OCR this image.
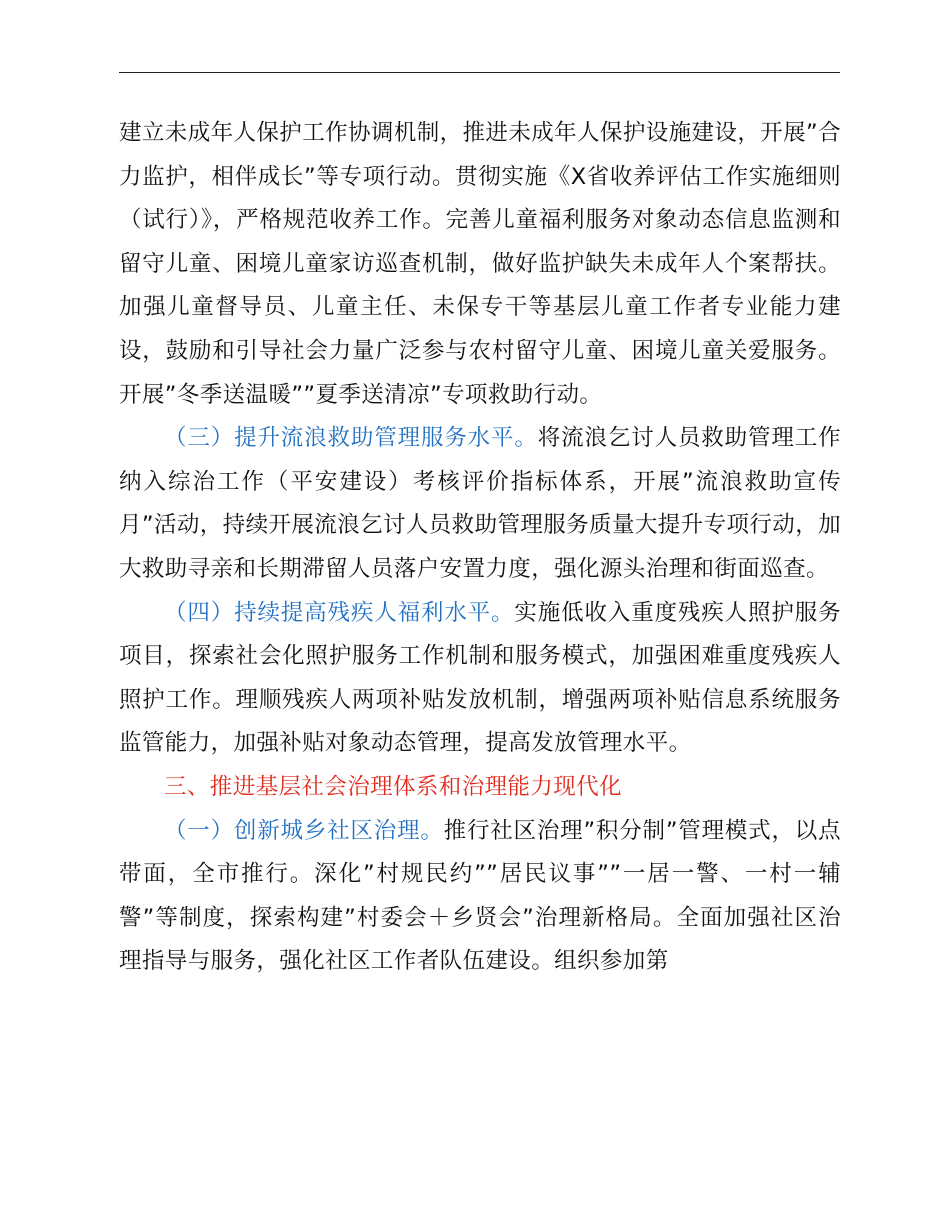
建立未成年人保护工作协调机制，推进未成年人保护设施建设，开展”合力监护，相伴成长”等专项行动。贯彻实施《X省收养评估工作实施细则（试行）》，严格规范收养工作。完善儿童福利服务对象动态信息监测和留守儿童、困境儿童家访巡查机制，做好监护缺失未成年人个案帮扶。加强儿童督导员、儿童主任、未保专干等基层儿童工作者专业能力建设，鼓励和引导社会力量广泛参与农村留守儿童、困境儿童关爱服务。开展”冬季送温暖””夏季送清凉”专项救助行动。

（三）提升流浪救助管理服务水平。将流浪乞讨人员救助管理工作纳入综治工作（平安建设）考核评价指标体系，开展”流浪救助宣传月”活动，持续开展流浪乞讨人员救助管理服务质量大提升专项行动，加大救助寻亲和长期滞留人员落户安置力度，强化源头治理和街面巡查。

（四）持续提高残疾人福利水平。实施低收入重度残疾人照护服务项目，探索社会化照护服务工作机制和服务模式，加强困难重度残疾人照护工作。理顺残疾人两项补贴发放机制，增强两项补贴信息系统服务监管能力，加强补贴对象动态管理，提高发放管理水平。

三、推进基层社会治理体系和治理能力现代化

（一）创新城乡社区治理。推行社区治理”积分制”管理模式，以点带面，全市推行。深化”村规民约””居民议事””一居一警、一村一辅警”等制度，探索构建”村委会＋乡贤会”治理新格局。全面加强社区治理指导与服务，强化社区工作者队伍建设。组织参加第
